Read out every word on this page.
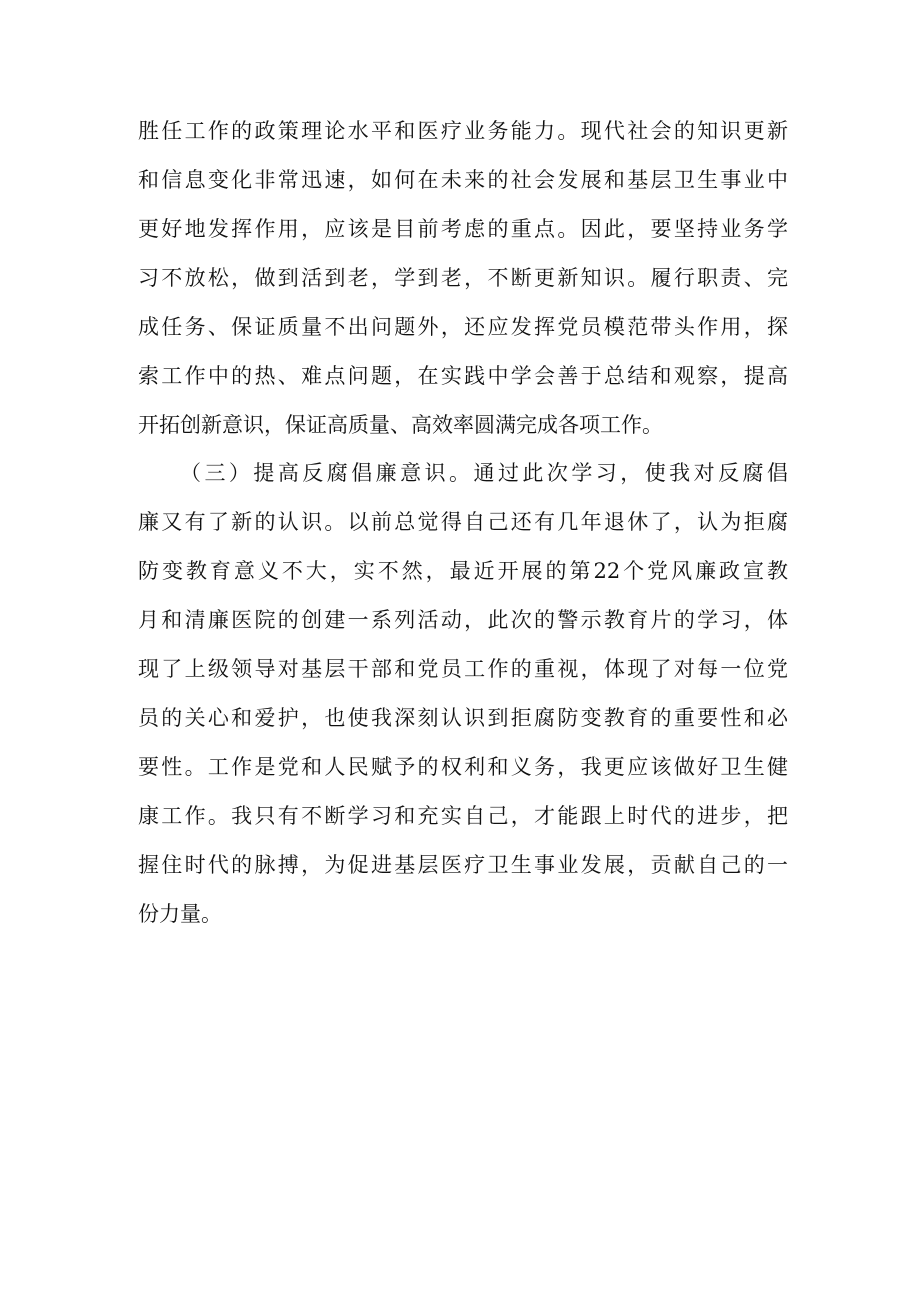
胜任工作的政策理论水平和医疗业务能力。现代社会的知识更新
和信息变化非常迅速，如何在未来的社会发展和基层卫生事业中
更好地发挥作用，应该是目前考虑的重点。因此，要坚持业务学
习不放松，做到活到老，学到老，不断更新知识。履行职责、完
成任务、保证质量不出问题外，还应发挥党员模范带头作用，探
索工作中的热、难点问题，在实践中学会善于总结和观察，提高
开拓创新意识，保证高质量、高效率圆满完成各项工作。
（三）提高反腐倡廉意识。通过此次学习，使我对反腐倡
廉又有了新的认识。以前总觉得自己还有几年退休了，认为拒腐
防变教育意义不大，实不然，最近开展的第22个党风廉政宣教
月和清廉医院的创建一系列活动，此次的警示教育片的学习，体
现了上级领导对基层干部和党员工作的重视，体现了对每一位党
员的关心和爱护，也使我深刻认识到拒腐防变教育的重要性和必
要性。工作是党和人民赋予的权利和义务，我更应该做好卫生健
康工作。我只有不断学习和充实自己，才能跟上时代的进步，把
握住时代的脉搏，为促进基层医疗卫生事业发展，贡献自己的一
份力量。
